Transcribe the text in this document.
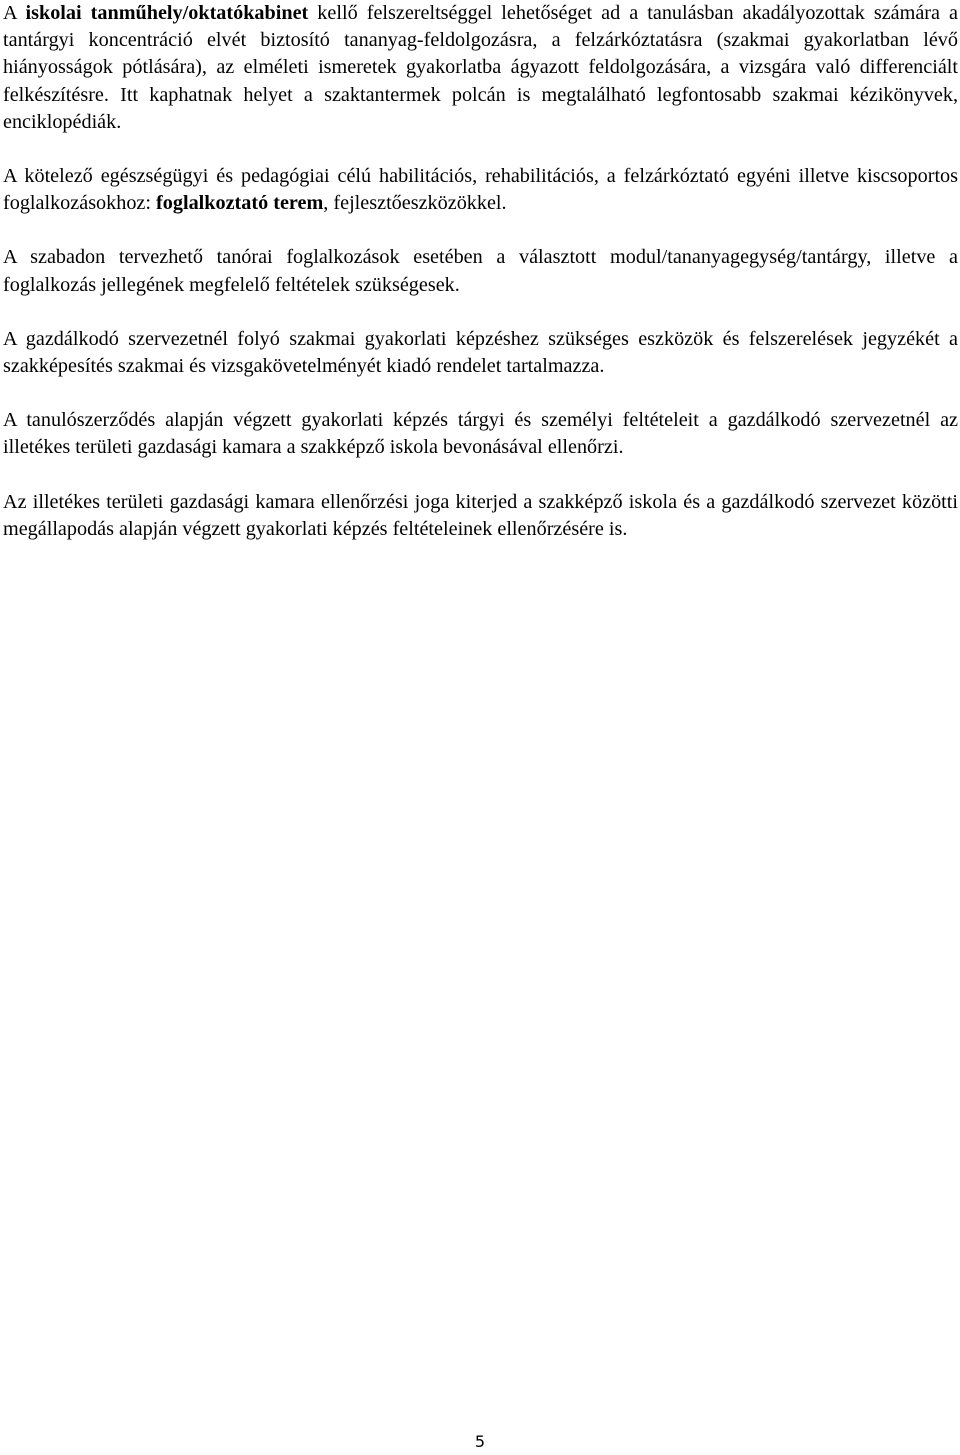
A iskolai tanműhely/oktatókabinet kellő felszereltséggel lehetőséget ad a tanulásban akadályozottak számára a tantárgyi koncentráció elvét biztosító tananyag-feldolgozásra, a felzárkóztatásra (szakmai gyakorlatban lévő hiányosságok pótlására), az elméleti ismeretek gyakorlatba ágyazott feldolgozására, a vizsgára való differenciált felkészítésre. Itt kaphatnak helyet a szaktantermek polcán is megtalálható legfontosabb szakmai kézikönyvek, enciklopédiák.

A kötelező egészségügyi és pedagógiai célú habilitációs, rehabilitációs, a felzárkóztató egyéni illetve kiscsoportos foglalkozásokhoz: foglalkoztató terem, fejlesztőeszközökkel.

A szabadon tervezhető tanórai foglalkozások esetében a választott modul/tananyagegység/tantárgy, illetve a foglalkozás jellegének megfelelő feltételek szükségesek.

A gazdálkodó szervezetnél folyó szakmai gyakorlati képzéshez szükséges eszközök és felszerelések jegyzékét a szakképesítés szakmai és vizsgakövetelményét kiadó rendelet tartalmazza.

A tanulószerződés alapján végzett gyakorlati képzés tárgyi és személyi feltételeit a gazdálkodó szervezetnél az illetékes területi gazdasági kamara a szakképző iskola bevonásával ellenőrzi.

Az illetékes területi gazdasági kamara ellenőrzési joga kiterjed a szakképző iskola és a gazdálkodó szervezet közötti megállapodás alapján végzett gyakorlati képzés feltételeinek ellenőrzésére is.

5
